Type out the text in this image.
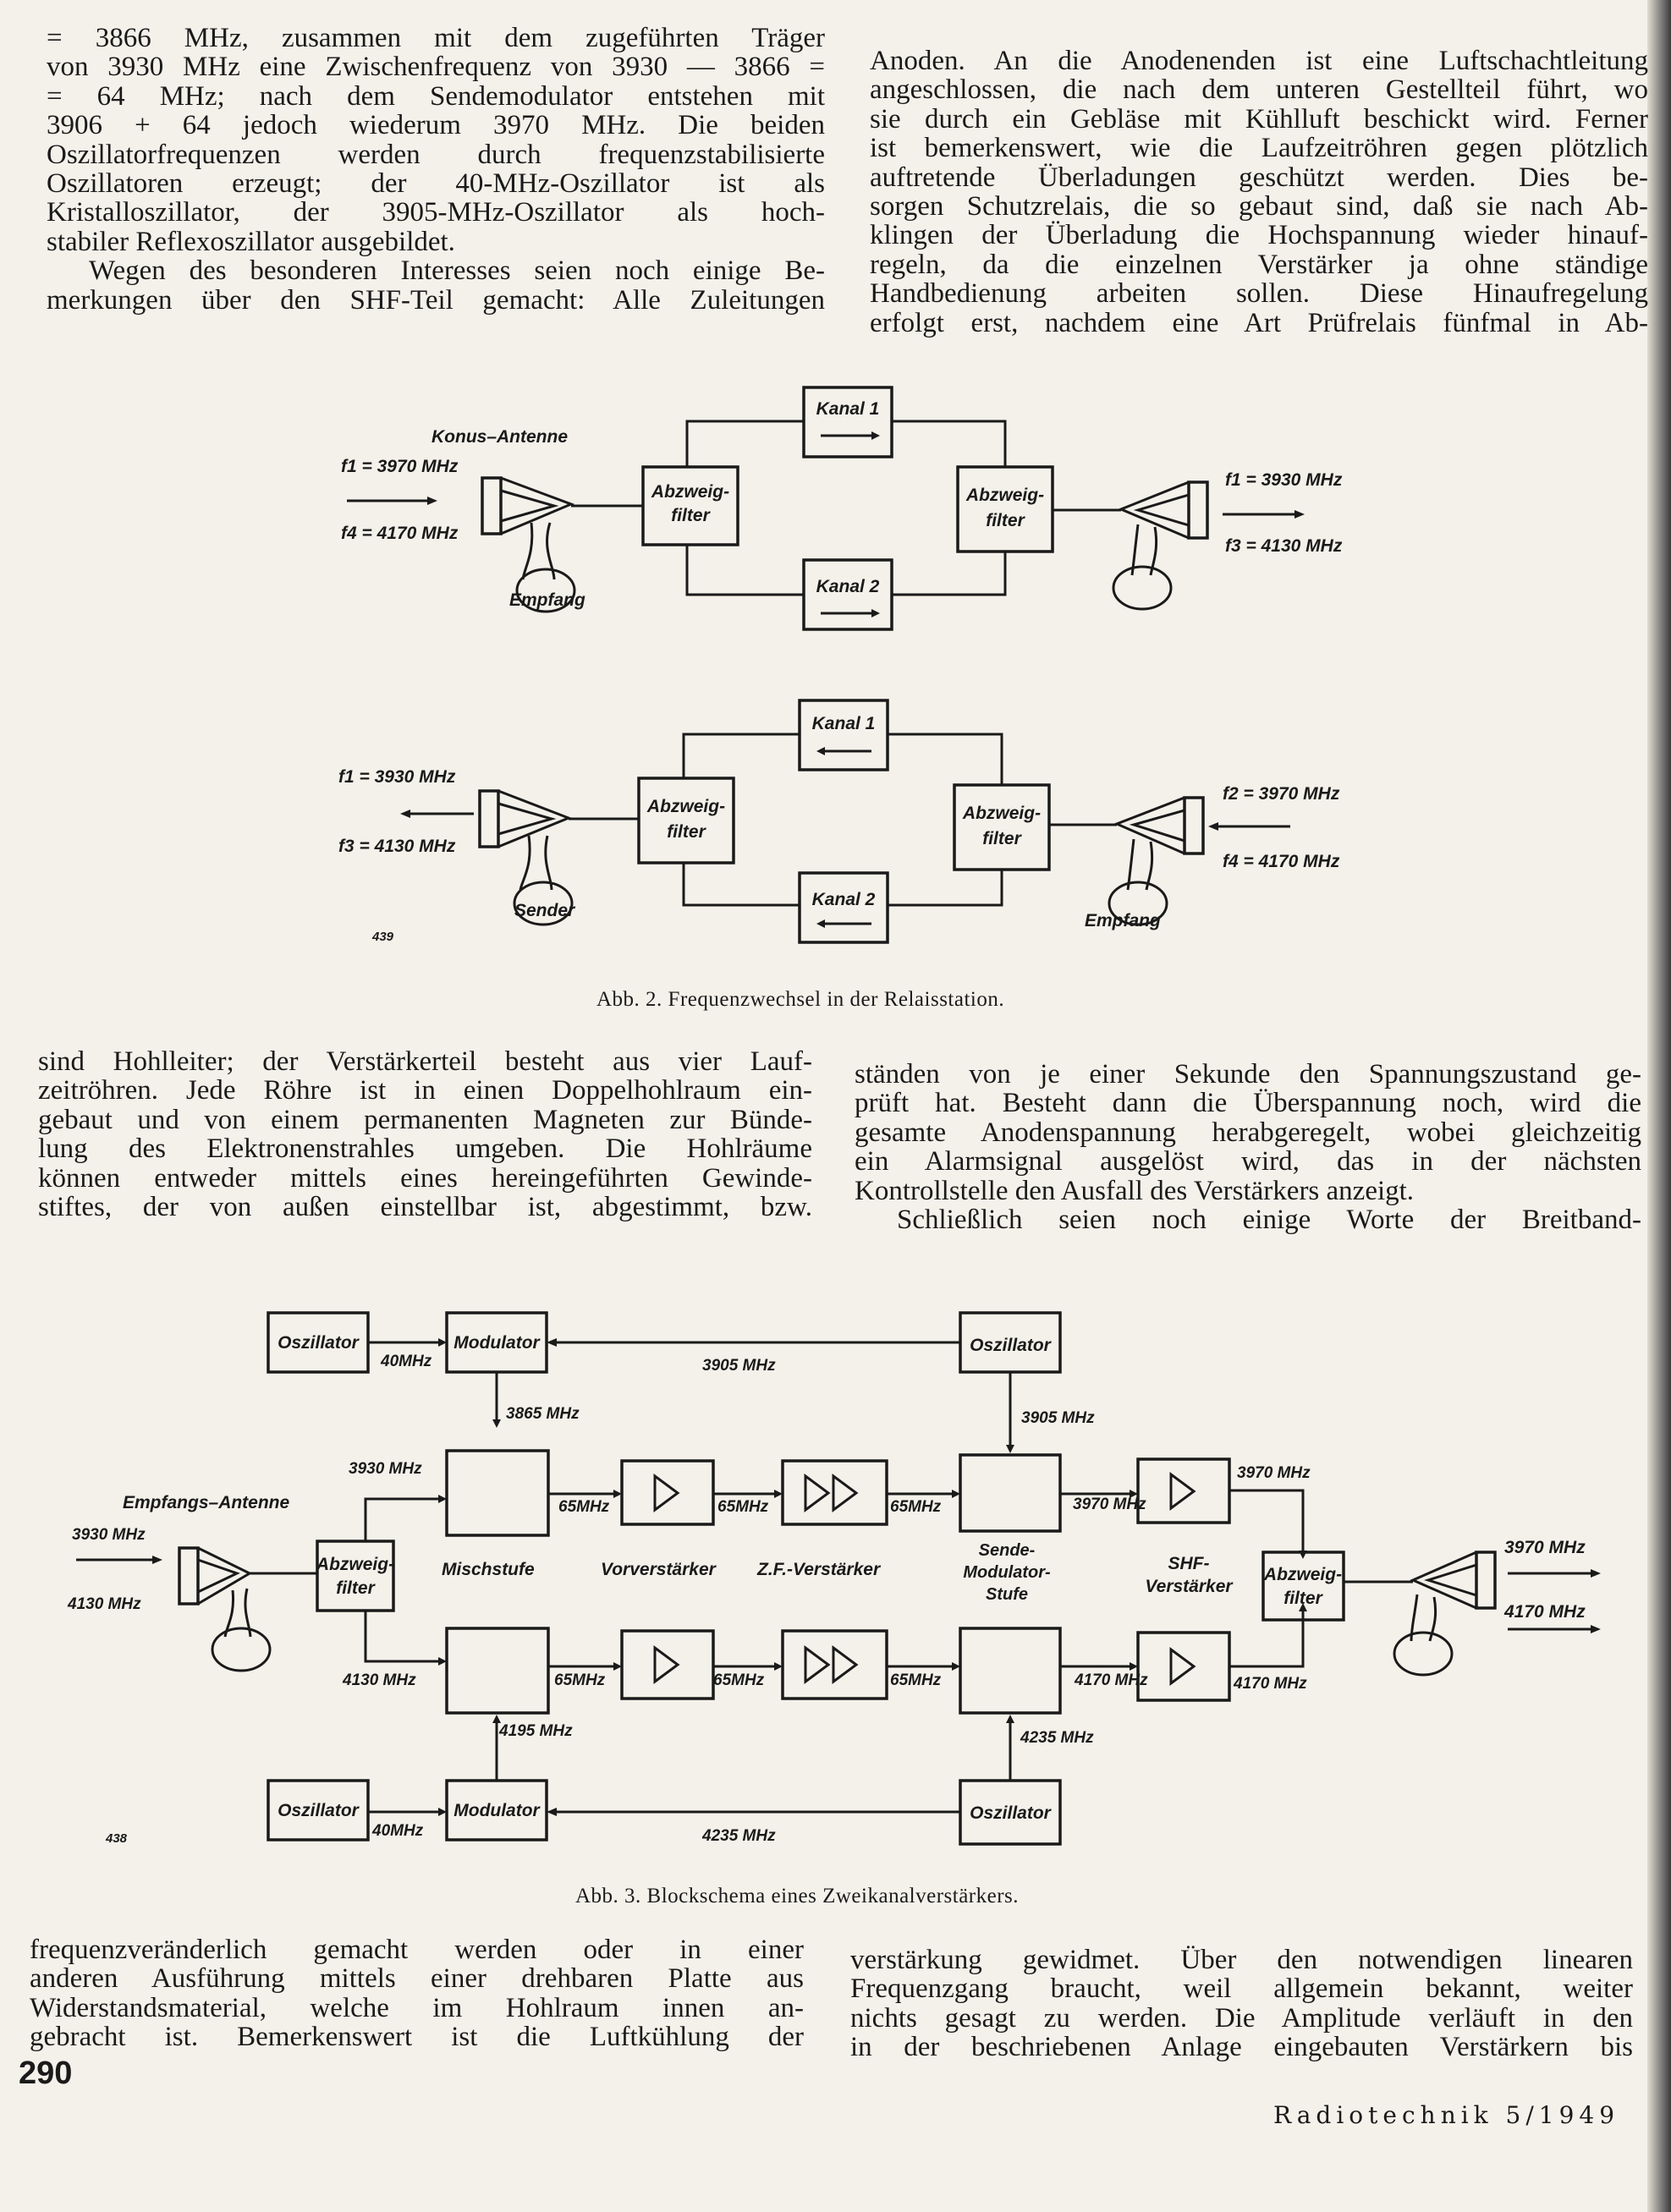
= 3866 MHz, zusammen mit dem zugeführten Träger
von 3930 MHz eine Zwischenfrequenz von 3930 — 3866 =
= 64 MHz; nach dem Sendemodulator entstehen mit
3906 + 64 jedoch wiederum 3970 MHz. Die beiden
Oszillatorfrequenzen werden durch frequenzstabilisierte
Oszillatoren erzeugt; der 40-MHz-Oszillator ist als
Kristalloszillator, der 3905-MHz-Oszillator als hoch-
stabiler Reflexoszillator ausgebildet.
Wegen des besonderen Interesses seien noch einige Be-
merkungen über den SHF-Teil gemacht: Alle Zuleitungen
Anoden. An die Anodenenden ist eine Luftschachtleitung
angeschlossen, die nach dem unteren Gestellteil führt, wo
sie durch ein Gebläse mit Kühlluft beschickt wird. Ferner
ist bemerkenswert, wie die Laufzeitröhren gegen plötzlich
auftretende Überladungen geschützt werden. Dies be-
sorgen Schutzrelais, die so gebaut sind, daß sie nach Ab-
klingen der Überladung die Hochspannung wieder hinauf-
regeln, da die einzelnen Verstärker ja ohne ständige
Handbedienung arbeiten sollen. Diese Hinaufregelung
erfolgt erst, nachdem eine Art Prüfrelais fünfmal in Ab-
Kanal 1
Kanal 2
Abzweig-
filter
Abzweig-
filter
Konus–Antenne
f1 = 3970 MHz
f4 = 4170 MHz
Empfang
f1 = 3930 MHz
f3 = 4130 MHz
Kanal 1
Kanal 2
Abzweig-
filter
Abzweig-
filter
f1 = 3930 MHz
f3 = 4130 MHz
Sender
f2 = 3970 MHz
f4 = 4170 MHz
Empfang
439
Abb. 2. Frequenzwechsel in der Relaisstation.
sind Hohlleiter; der Verstärkerteil besteht aus vier Lauf-
zeitröhren. Jede Röhre ist in einen Doppelhohlraum ein-
gebaut und von einem permanenten Magneten zur Bünde-
lung des Elektronenstrahles umgeben. Die Hohlräume
können entweder mittels eines hereingeführten Gewinde-
stiftes, der von außen einstellbar ist, abgestimmt, bzw.
ständen von je einer Sekunde den Spannungszustand ge-
prüft hat. Besteht dann die Überspannung noch, wird die
gesamte Anodenspannung herabgeregelt, wobei gleichzeitig
ein Alarmsignal ausgelöst wird, das in der nächsten
Kontrollstelle den Ausfall des Verstärkers anzeigt.
Schließlich seien noch einige Worte der Breitband-
Oszillator	Modulator	Oszillator
40MHz	3905 MHz
3865 MHz	3905 MHz
65MHz	65MHz	65MHz	3970 MHz
3970 MHz
65MHz	65MHz	65MHz	4170 MHz	4170 MHz
Oszillator	Modulator	Oszillator
40MHz	4235 MHz
4195 MHz	4235 MHz
Abzweig-
filter
3930 MHz
4130 MHz
Empfangs–Antenne
3930 MHz
4130 MHz
Abzweig-
filter
3970 MHz
4170 MHz
Mischstufe	Vorverstärker Z.F.-Verstärker
Sende-
Modulator-
Stufe
SHF-
Verstärker
438
Abb. 3. Blockschema eines Zweikanalverstärkers.
frequenzveränderlich gemacht werden oder in einer
anderen Ausführung mittels einer drehbaren Platte aus
Widerstandsmaterial, welche im Hohlraum innen an-
gebracht ist. Bemerkenswert ist die Luftkühlung der
verstärkung gewidmet. Über den notwendigen linearen
Frequenzgang braucht, weil allgemein bekannt, weiter
nichts gesagt zu werden. Die Amplitude verläuft in den
in der beschriebenen Anlage eingebauten Verstärkern bis
290
Radiotechnik 5/1949
